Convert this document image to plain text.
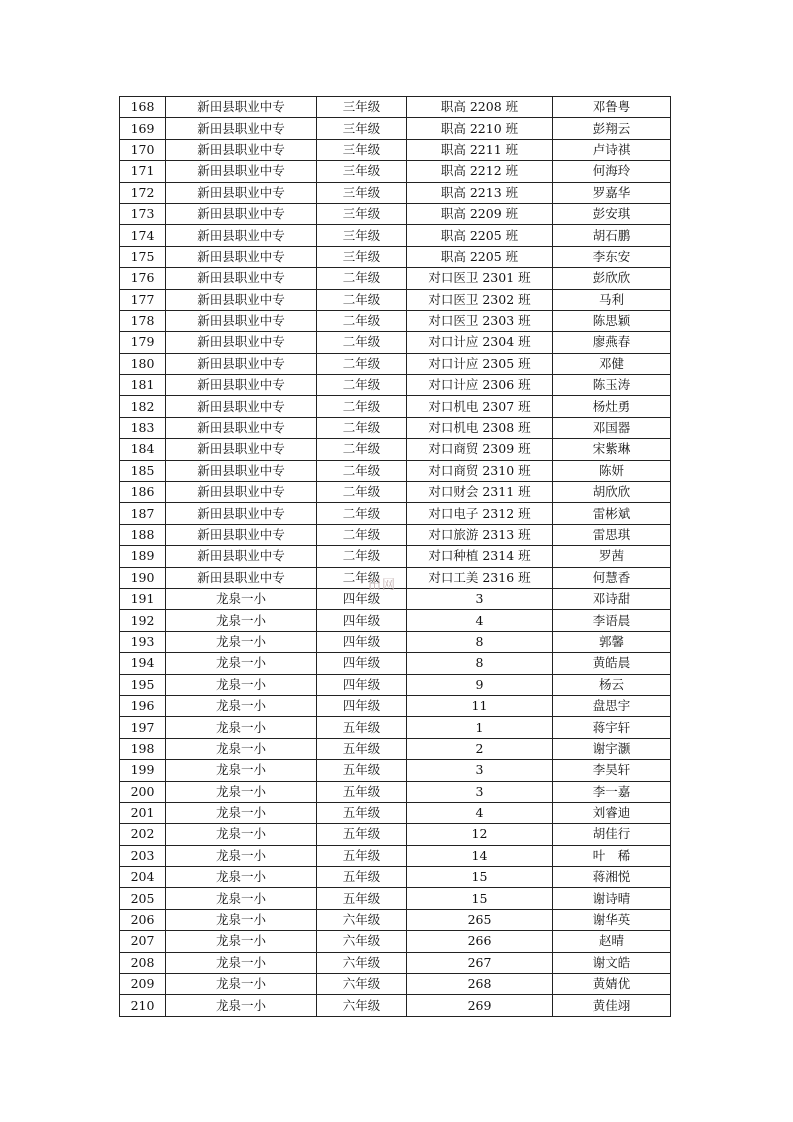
168	新田县职业中专	三年级	职高 2208 班	邓鲁粤
169	新田县职业中专	三年级	职高 2210 班	彭翔云
170	新田县职业中专	三年级	职高 2211 班	卢诗祺
171	新田县职业中专	三年级	职高 2212 班	何海玲
172	新田县职业中专	三年级	职高 2213 班	罗嘉华
173	新田县职业中专	三年级	职高 2209 班	彭安琪
174	新田县职业中专	三年级	职高 2205 班	胡石鹏
175	新田县职业中专	三年级	职高 2205 班	李东安
176	新田县职业中专	二年级	对口医卫 2301 班	彭欣欣
177	新田县职业中专	二年级	对口医卫 2302 班	马利
178	新田县职业中专	二年级	对口医卫 2303 班	陈思颖
179	新田县职业中专	二年级	对口计应 2304 班	廖燕春
180	新田县职业中专	二年级	对口计应 2305 班	邓健
181	新田县职业中专	二年级	对口计应 2306 班	陈玉涛
182	新田县职业中专	二年级	对口机电 2307 班	杨灶勇
183	新田县职业中专	二年级	对口机电 2308 班	邓国器
184	新田县职业中专	二年级	对口商贸 2309 班	宋紫琳
185	新田县职业中专	二年级	对口商贸 2310 班	陈妍
186	新田县职业中专	二年级	对口财会 2311 班	胡欣欣
187	新田县职业中专	二年级	对口电子 2312 班	雷彬斌
188	新田县职业中专	二年级	对口旅游 2313 班	雷思琪
189	新田县职业中专	二年级	对口种植 2314 班	罗茜
190	新田县职业中专	二年级	对口工美 2316 班	何慧香
191	龙泉一小	四年级	3	邓诗甜
192	龙泉一小	四年级	4	李语晨
193	龙泉一小	四年级	8	郭馨
194	龙泉一小	四年级	8	黄皓晨
195	龙泉一小	四年级	9	杨云
196	龙泉一小	四年级	11	盘思宇
197	龙泉一小	五年级	1	蒋宇轩
198	龙泉一小	五年级	2	谢宇灏
199	龙泉一小	五年级	3	李昊轩
200	龙泉一小	五年级	3	李一嘉
201	龙泉一小	五年级	4	刘睿迪
202	龙泉一小	五年级	12	胡佳行
203	龙泉一小	五年级	14	叶　稀
204	龙泉一小	五年级	15	蒋湘悦
205	龙泉一小	五年级	15	谢诗晴
206	龙泉一小	六年级	265	谢华英
207	龙泉一小	六年级	266	赵晴
208	龙泉一小	六年级	267	谢文皓
209	龙泉一小	六年级	268	黄婧优
210	龙泉一小	六年级	269	黄佳翊
田网
